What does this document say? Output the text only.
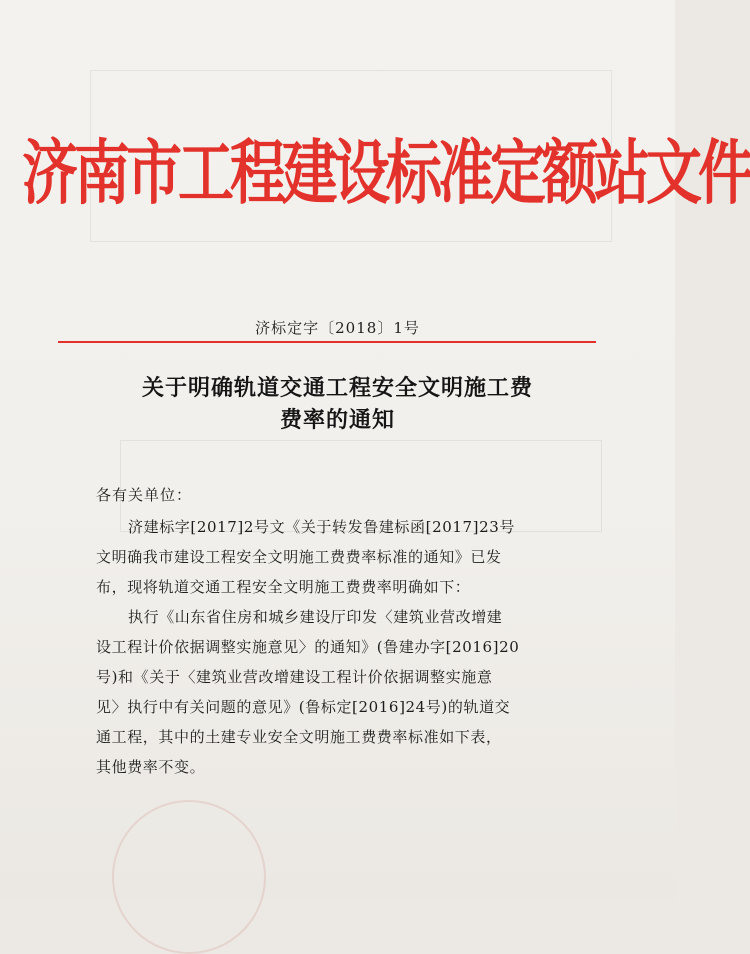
济南市工程建设标准定额站文件
济标定字〔2018〕1号
关于明确轨道交通工程安全文明施工费
费率的通知
各有关单位：
济建标字[2017]2号文《关于转发鲁建标函[2017]23号
文明确我市建设工程安全文明施工费费率标准的通知》已发
布，现将轨道交通工程安全文明施工费费率明确如下：
执行《山东省住房和城乡建设厅印发〈建筑业营改增建
设工程计价依据调整实施意见〉的通知》(鲁建办字[2016]20
号)和《关于〈建筑业营改增建设工程计价依据调整实施意
见〉执行中有关问题的意见》(鲁标定[2016]24号)的轨道交
通工程，其中的土建专业安全文明施工费费率标准如下表，
其他费率不变。
